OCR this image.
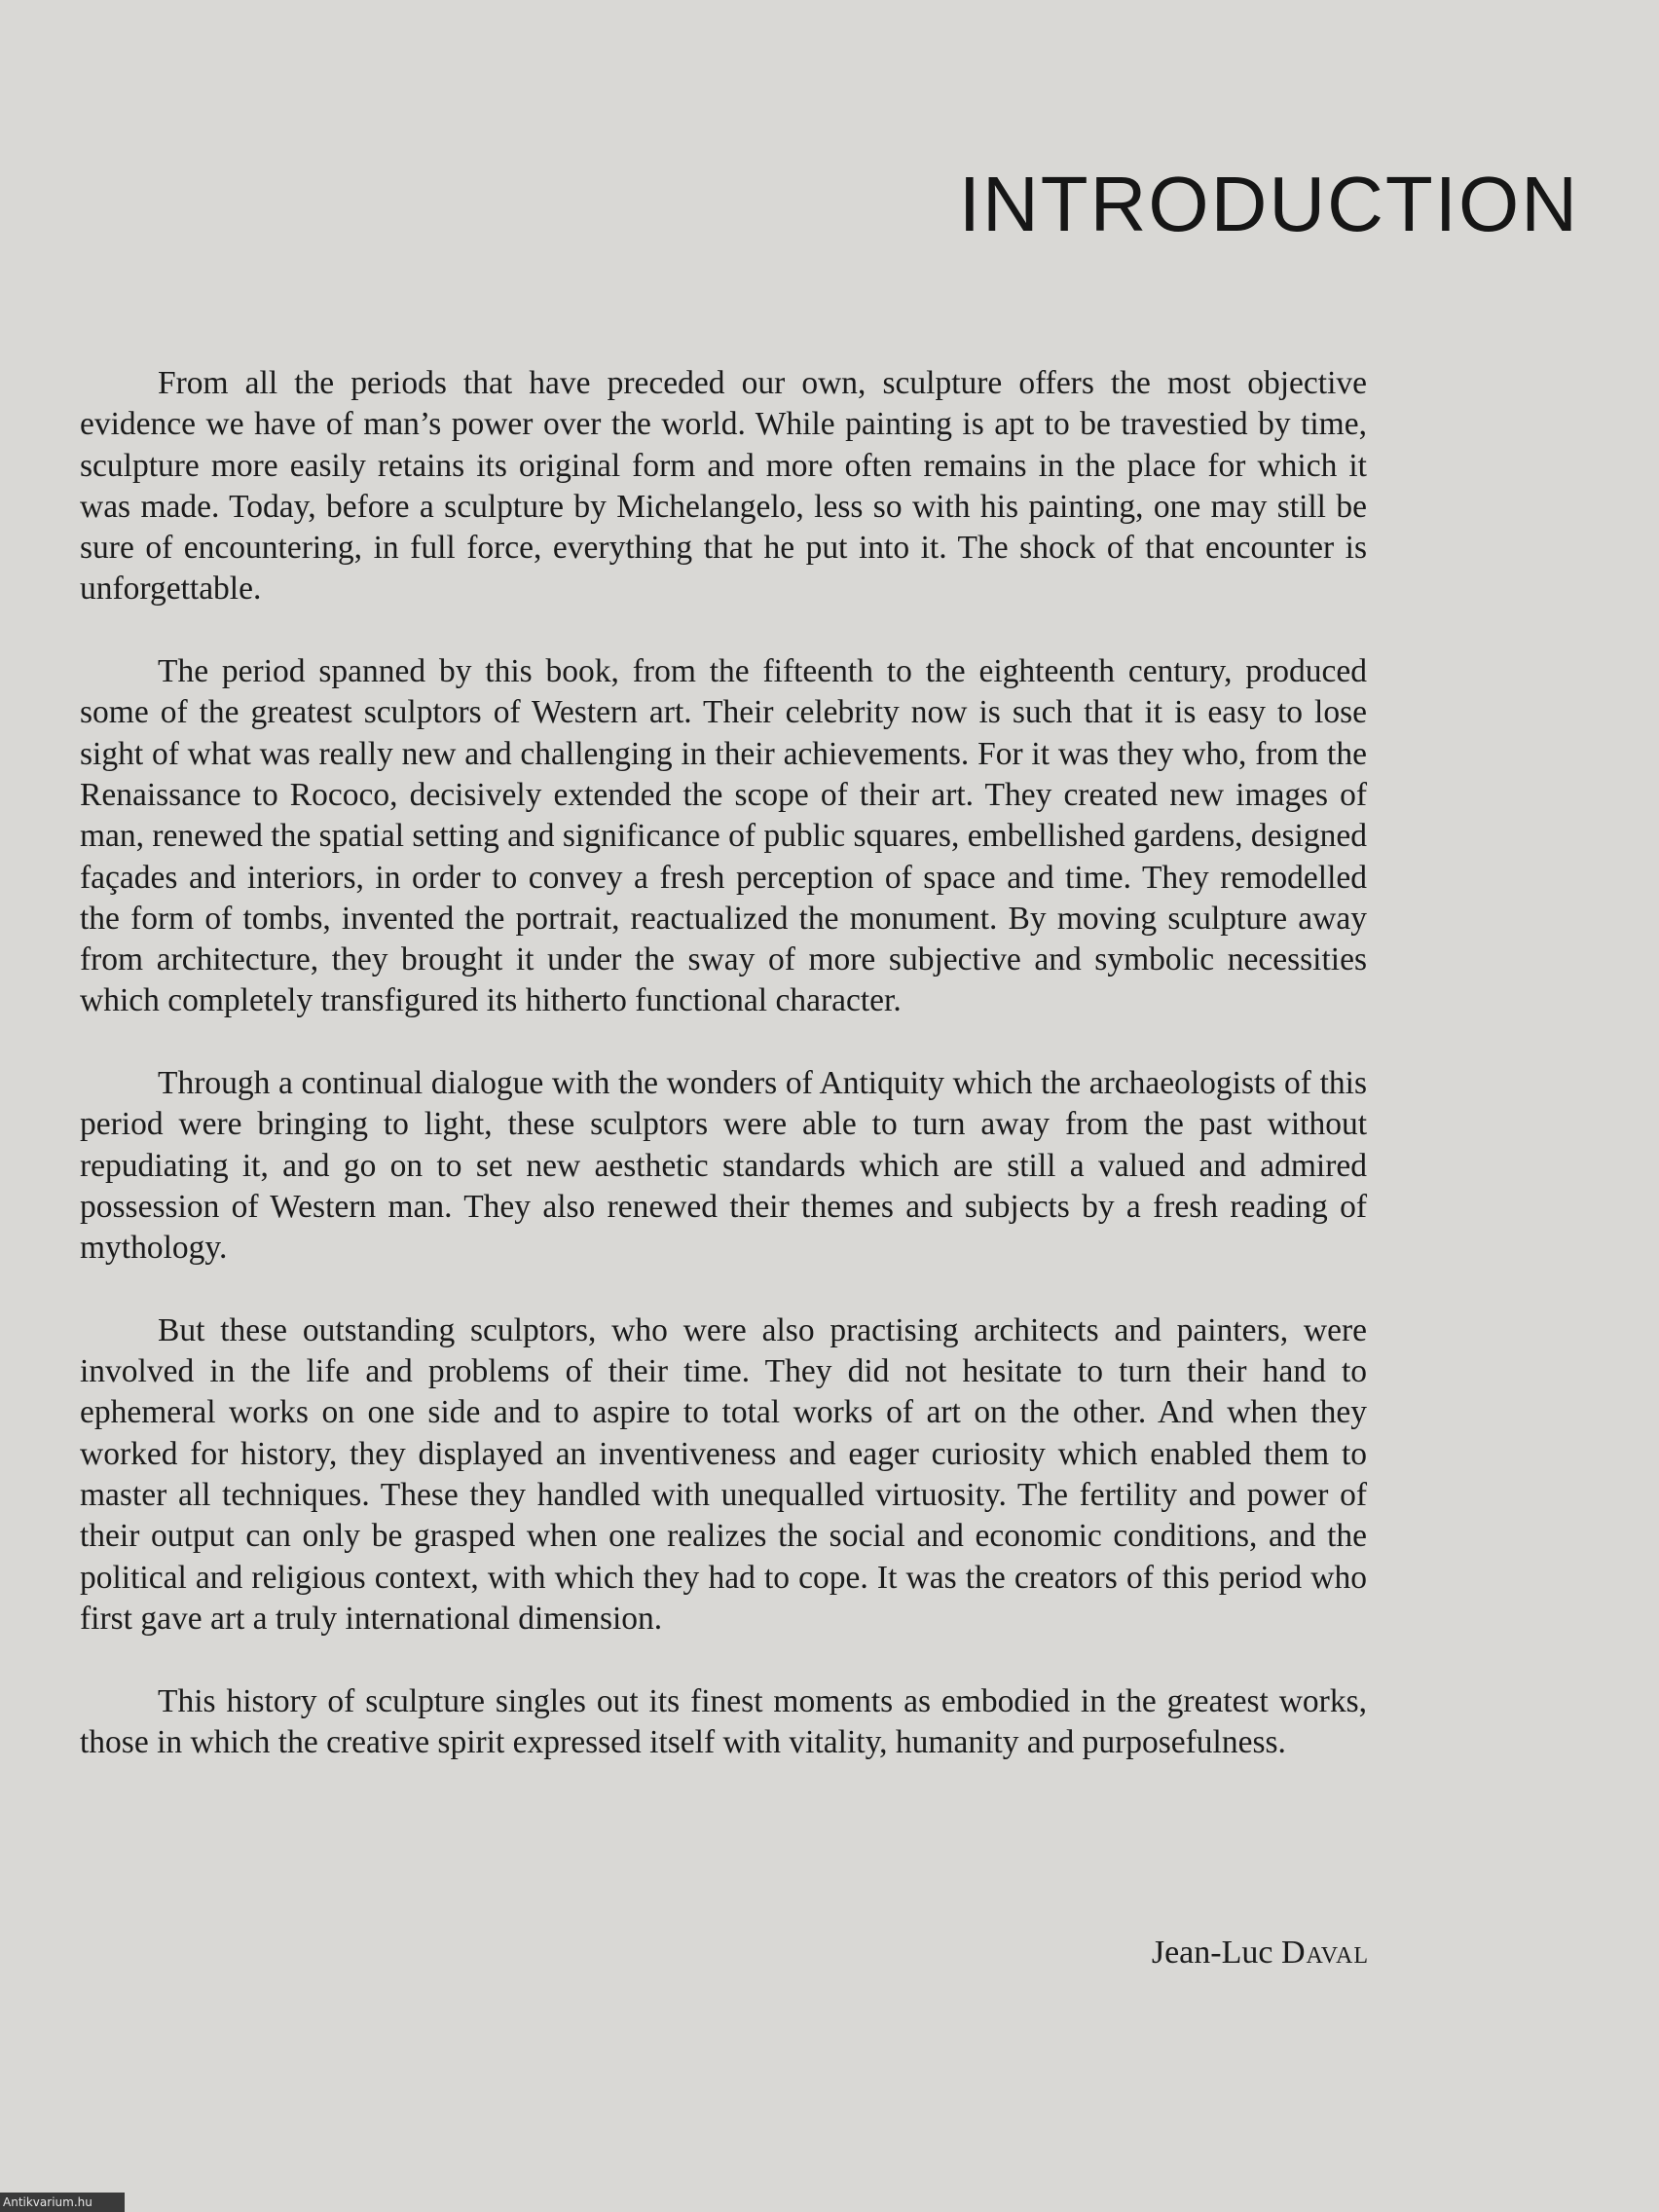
INTRODUCTION

From all the periods that have preceded our own, sculpture offers the most objective evidence we have of man’s power over the world. While painting is apt to be travestied by time, sculpture more easily retains its original form and more often remains in the place for which it was made. Today, before a sculpture by Michelangelo, less so with his painting, one may still be sure of encountering, in full force, everything that he put into it. The shock of that encounter is unforgettable.

The period spanned by this book, from the fifteenth to the eighteenth century, produced some of the greatest sculptors of Western art. Their celebrity now is such that it is easy to lose sight of what was really new and challenging in their achievements. For it was they who, from the Renaissance to Rococo, decisively extended the scope of their art. They created new images of man, renewed the spatial setting and significance of public squares, embellished gardens, designed façades and interiors, in order to convey a fresh perception of space and time. They remodelled the form of tombs, invented the portrait, reactualized the monument. By moving sculpture away from architecture, they brought it under the sway of more subjective and symbolic necessities which completely transfigured its hitherto functional character.

Through a continual dialogue with the wonders of Antiquity which the archaeologists of this period were bringing to light, these sculptors were able to turn away from the past without repudiating it, and go on to set new aesthetic standards which are still a valued and admired possession of Western man. They also renewed their themes and subjects by a fresh reading of mythology.

But these outstanding sculptors, who were also practising architects and painters, were involved in the life and problems of their time. They did not hesitate to turn their hand to ephemeral works on one side and to aspire to total works of art on the other. And when they worked for history, they displayed an inventiveness and eager curiosity which enabled them to master all techniques. These they handled with unequalled virtuosity. The fertility and power of their output can only be grasped when one realizes the social and economic conditions, and the political and religious context, with which they had to cope. It was the creators of this period who first gave art a truly international dimension.

This history of sculpture singles out its finest moments as embodied in the greatest works, those in which the creative spirit expressed itself with vitality, humanity and purposefulness.

Jean-Luc Daval
Antikvarium.hu
